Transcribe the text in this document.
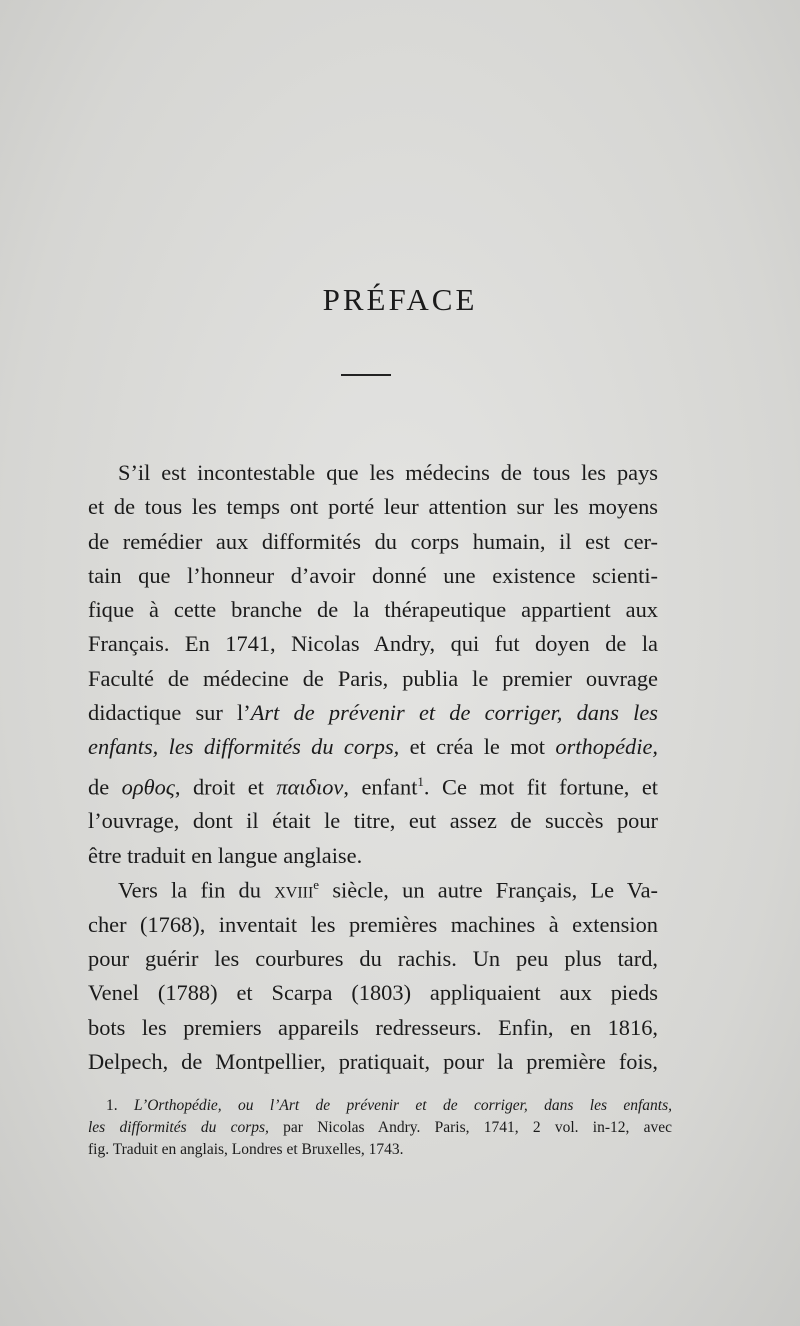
PRÉFACE
S’il est incontestable que les médecins de tous les pays
et de tous les temps ont porté leur attention sur les moyens
de remédier aux difformités du corps humain, il est cer-
tain que l’honneur d’avoir donné une existence scienti-
fique à cette branche de la thérapeutique appartient aux
Français. En 1741, Nicolas Andry, qui fut doyen de la
Faculté de médecine de Paris, publia le premier ouvrage
didactique sur l’Art de prévenir et de corriger, dans les
enfants, les difformités du corps, et créa le mot orthopédie,
de ορθος, droit et παιδιον, enfant$^1$. Ce mot fit fortune, et
l’ouvrage, dont il était le titre, eut assez de succès pour
être traduit en langue anglaise.
Vers la fin du xviii$^e$ siècle, un autre Français, Le Va-
cher (1768), inventait les premières machines à extension
pour guérir les courbures du rachis. Un peu plus tard,
Venel (1788) et Scarpa (1803) appliquaient aux pieds
bots les premiers appareils redresseurs. Enfin, en 1816,
Delpech, de Montpellier, pratiquait, pour la première fois,
1. L’Orthopédie, ou l’Art de prévenir et de corriger, dans les enfants,
les difformités du corps, par Nicolas Andry. Paris, 1741, 2 vol. in-12, avec
fig. Traduit en anglais, Londres et Bruxelles, 1743.
